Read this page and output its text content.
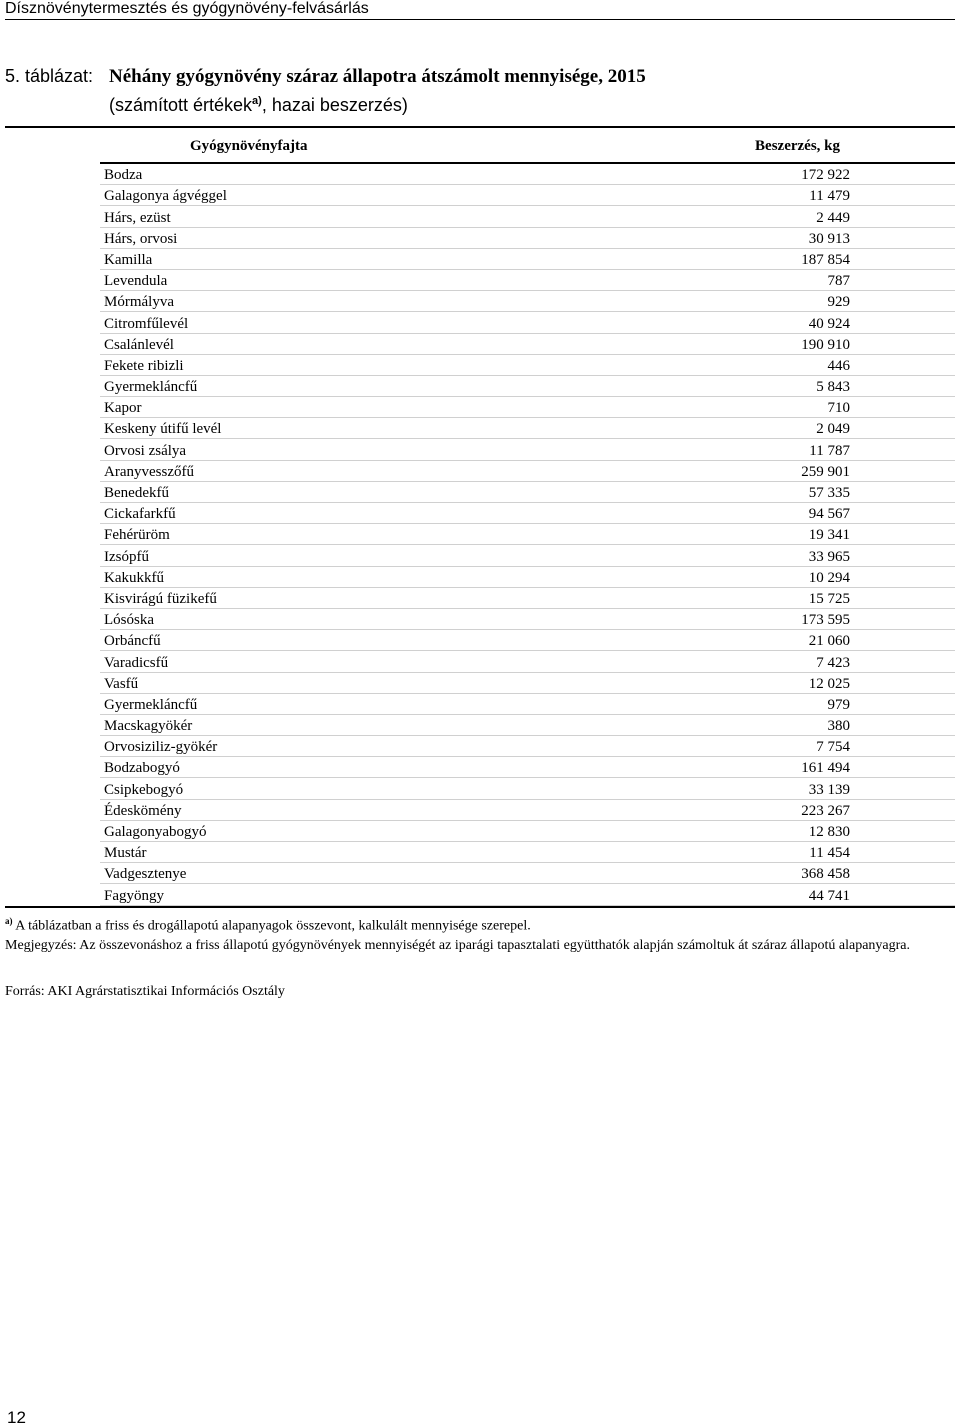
Dísznövénytermesztés és gyógynövény-felvásárlás
5. táblázat: Néhány gyógynövény száraz állapotra átszámolt mennyisége, 2015
(számított értékek$^{a)}$, hazai beszerzés)
Gyógynövényfajta	Beszerzés, kg
Bodza	172 922
Galagonya ágvéggel	11 479
Hárs, ezüst	2 449
Hárs, orvosi	30 913
Kamilla	187 854
Levendula	787
Mórmályva	929
Citromfűlevél	40 924
Csalánlevél	190 910
Fekete ribizli	446
Gyermekláncfű	5 843
Kapor	710
Keskeny útifű levél	2 049
Orvosi zsálya	11 787
Aranyvesszőfű	259 901
Benedekfű	57 335
Cickafarkfű	94 567
Fehérüröm	19 341
Izsópfű	33 965
Kakukkfű	10 294
Kisvirágú füzikefű	15 725
Lósóska	173 595
Orbáncfű	21 060
Varadicsfű	7 423
Vasfű	12 025
Gyermekláncfű	979
Macskagyökér	380
Orvosiziliz-gyökér	7 754
Bodzabogyó	161 494
Csipkebogyó	33 139
Édeskömény	223 267
Galagonyabogyó	12 830
Mustár	11 454
Vadgesztenye	368 458
Fagyöngy	44 741
$^{a)}$ A táblázatban a friss és drogállapotú alapanyagok összevont, kalkulált mennyisége szerepel.
Megjegyzés: Az összevonáshoz a friss állapotú gyógynövények mennyiségét az iparági tapasztalati együtthatók alapján számoltuk át száraz állapotú alapanyagra.
Forrás: AKI Agrárstatisztikai Információs Osztály
12
